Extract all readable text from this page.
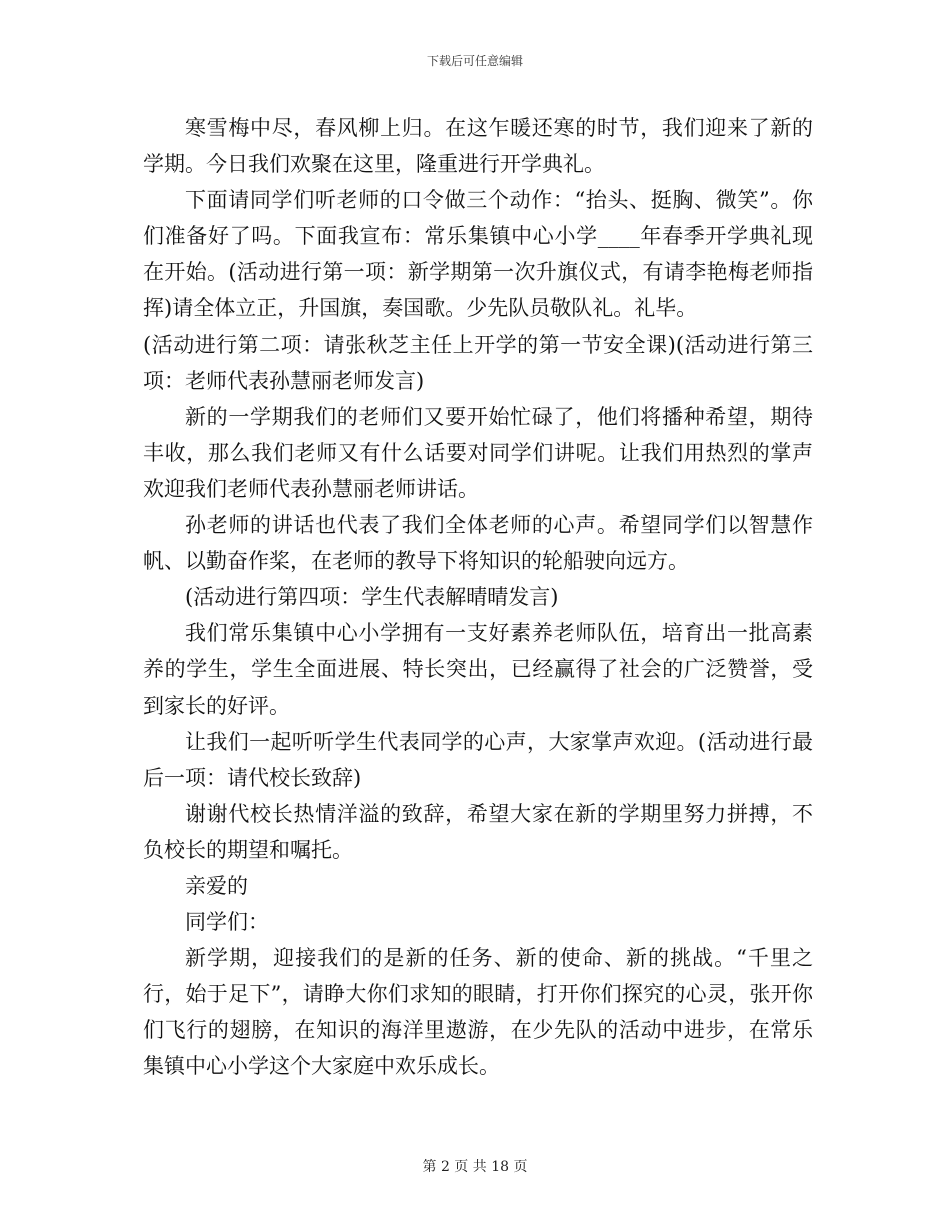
下载后可任意编辑

寒雪梅中尽，春风柳上归。在这乍暖还寒的时节，我们迎来了新的学期。今日我们欢聚在这里，隆重进行开学典礼。

下面请同学们听老师的口令做三个动作：“抬头、挺胸、微笑”。你们准备好了吗。下面我宣布：常乐集镇中心小学____年春季开学典礼现在开始。(活动进行第一项：新学期第一次升旗仪式，有请李艳梅老师指挥)请全体立正，升国旗，奏国歌。少先队员敬队礼。礼毕。

(活动进行第二项：请张秋芝主任上开学的第一节安全课)(活动进行第三项：老师代表孙慧丽老师发言)

新的一学期我们的老师们又要开始忙碌了，他们将播种希望，期待丰收，那么我们老师又有什么话要对同学们讲呢。让我们用热烈的掌声欢迎我们老师代表孙慧丽老师讲话。

孙老师的讲话也代表了我们全体老师的心声。希望同学们以智慧作帆、以勤奋作桨，在老师的教导下将知识的轮船驶向远方。

(活动进行第四项：学生代表解晴晴发言)

我们常乐集镇中心小学拥有一支好素养老师队伍，培育出一批高素养的学生，学生全面进展、特长突出，已经赢得了社会的广泛赞誉，受到家长的好评。

让我们一起听听学生代表同学的心声，大家掌声欢迎。(活动进行最后一项：请代校长致辞)

谢谢代校长热情洋溢的致辞，希望大家在新的学期里努力拼搏，不负校长的期望和嘱托。

亲爱的

同学们：

新学期，迎接我们的是新的任务、新的使命、新的挑战。“千里之行，始于足下”，请睁大你们求知的眼睛，打开你们探究的心灵，张开你们飞行的翅膀，在知识的海洋里遨游，在少先队的活动中进步，在常乐集镇中心小学这个大家庭中欢乐成长。

第 2 页 共 18 页
